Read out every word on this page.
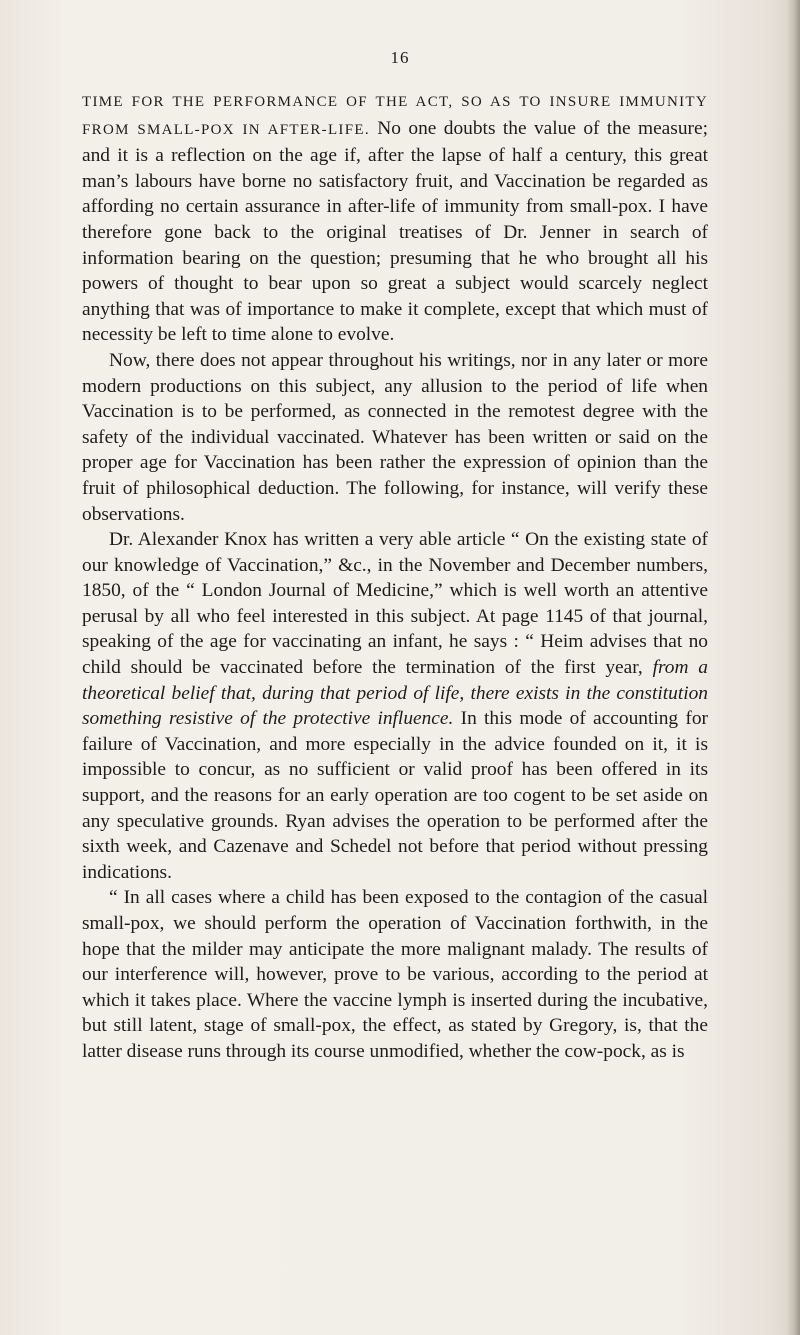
16

TIME FOR THE PERFORMANCE OF THE ACT, SO AS TO INSURE IMMUNITY FROM SMALL-POX IN AFTER-LIFE. No one doubts the value of the measure; and it is a reflection on the age if, after the lapse of half a century, this great man’s labours have borne no satisfactory fruit, and Vaccination be regarded as affording no certain assurance in after-life of immunity from small-pox. I have therefore gone back to the original treatises of Dr. Jenner in search of information bearing on the question; presuming that he who brought all his powers of thought to bear upon so great a subject would scarcely neglect anything that was of importance to make it complete, except that which must of necessity be left to time alone to evolve.

Now, there does not appear throughout his writings, nor in any later or more modern productions on this subject, any allusion to the period of life when Vaccination is to be performed, as connected in the remotest degree with the safety of the individual vaccinated. Whatever has been written or said on the proper age for Vaccination has been rather the expression of opinion than the fruit of philosophical deduction. The following, for instance, will verify these observations.

Dr. Alexander Knox has written a very able article “ On the existing state of our knowledge of Vaccination,” &c., in the November and December numbers, 1850, of the “ London Journal of Medicine,” which is well worth an attentive perusal by all who feel interested in this subject. At page 1145 of that journal, speaking of the age for vaccinating an infant, he says : “ Heim advises that no child should be vaccinated before the termination of the first year, from a theoretical belief that, during that period of life, there exists in the constitution something resistive of the protective influence. In this mode of accounting for failure of Vaccination, and more especially in the advice founded on it, it is impossible to concur, as no sufficient or valid proof has been offered in its support, and the reasons for an early operation are too cogent to be set aside on any speculative grounds. Ryan advises the operation to be performed after the sixth week, and Cazenave and Schedel not before that period without pressing indications.

“ In all cases where a child has been exposed to the contagion of the casual small-pox, we should perform the operation of Vaccination forthwith, in the hope that the milder may anticipate the more malignant malady. The results of our interference will, however, prove to be various, according to the period at which it takes place. Where the vaccine lymph is inserted during the incubative, but still latent, stage of small-pox, the effect, as stated by Gregory, is, that the latter disease runs through its course unmodified, whether the cow-pock, as is
